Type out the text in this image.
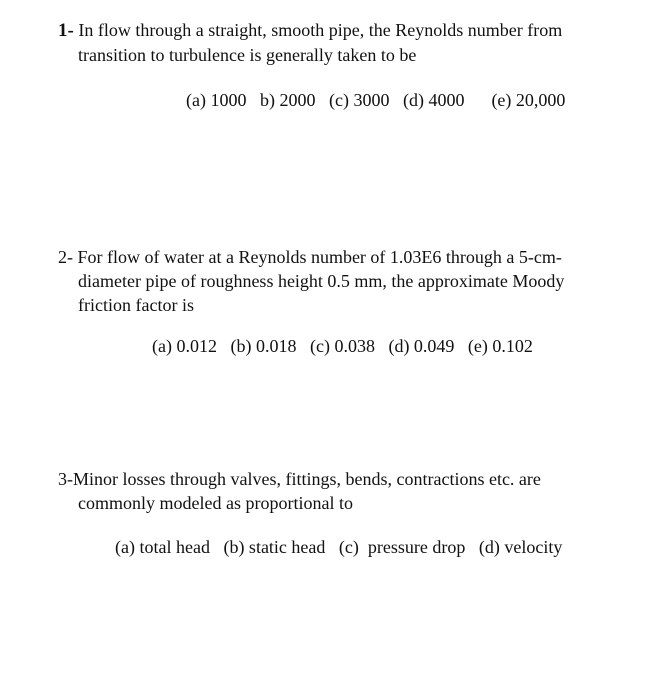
1- In flow through a straight, smooth pipe, the Reynolds number from
transition to turbulence is generally taken to be
(a) 1000   b) 2000   (c) 3000   (d) 4000      (e) 20,000
2- For flow of water at a Reynolds number of 1.03E6 through a 5-cm-
diameter pipe of roughness height 0.5 mm, the approximate Moody
friction factor is
(a) 0.012   (b) 0.018   (c) 0.038   (d) 0.049   (e) 0.102
3-Minor losses through valves, fittings, bends, contractions etc. are
commonly modeled as proportional to
(a) total head   (b) static head   (c)  pressure drop   (d) velocity
